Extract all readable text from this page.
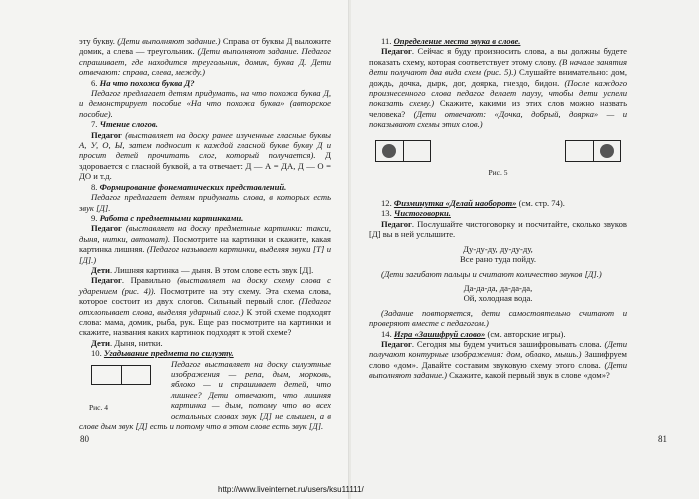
эту букву. (Дети выполняют задание.) Справа от буквы Д выложите домик, а слева — треугольник. (Дети выполняют задание. Педагог спрашивает, где находится треугольник, домик, буква Д. Дети отвечают: справа, слева, между.)

6. На что похожа буква Д?

Педагог предлагает детям придумать, на что похожа буква Д, и демонстрирует пособие «На что похожа буква» (авторское пособие).

7. Чтение слогов.

Педагог (выставляет на доску ранее изученные гласные буквы А, У, О, Ы, затем подносит к каждой гласной букве букву Д и просит детей прочитать слог, который получается). Д здоровается с гласной буквой, а та отвечает: Д — А = ДА, Д — О = ДО и т.д.

8. Формирование фонематических представлений.

Педагог предлагает детям придумать слова, в которых есть звук [Д].

9. Работа с предметными картинками.

Педагог (выставляет на доску предметные картинки: такси, дыня, нитки, автомат). Посмотрите на картинки и скажите, какая картинка лишняя. (Педагог называет картинки, выделяя звуки [Т] и [Д].)

Дети. Лишняя картинка — дыня. В этом слове есть звук [Д].

Педагог. Правильно (выставляет на доску схему слова с ударением (рис. 4)). Посмотрите на эту схему. Эта схема слова, которое состоит из двух слогов. Сильный первый слог. (Педагог отхлопывает слова, выделяя ударный слог.) К этой схеме подходят слова: мама, домик, рыба, рук. Еще раз посмотрите на картинки и скажите, названия каких картинок подходят к этой схеме?

Дети. Дыня, нитки.

10. Угадывание предмета по силуэту.

Рис. 4

Педагог выставляет на доску силуэтные изображения — репа, дым, морковь, яблоко — и спрашивает детей, что лишнее? Дети отвечают, что лишняя картинка — дым, потому что во всех остальных словах звук [Д] не слышен, а в слове дым звук [Д] есть и потому что в этом слове есть звук [Д].

80

11. Определение места звука в слове.

Педагог. Сейчас я буду произносить слова, а вы должны будете показать схему, которая соответствует этому слову. (В начале занятия дети получают два вида схем (рис. 5).) Слушайте внимательно: дом, дождь, дочка, дырк, дог, доярка, гнездо, бидон. (После каждого произнесенного слова педагог делает паузу, чтобы дети успели показать схему.) Скажите, какими из этих слов можно назвать человека? (Дети отвечают: «Дочка, добрый, доярка» — и показывают схемы этих слов.)

Рис. 5

12. Физминутка «Делай наоборот» (см. стр. 74).

13. Чистоговорки.

Педагог. Послушайте чистоговорку и посчитайте, сколько звуков [Д] вы в ней услышите.

Ду-ду-ду, ду-ду-ду,

Все рано туда пойду.

(Дети загибают пальцы и считают количество звуков [Д].)

Да-да-да, да-да-да,

Ой, холодная вода.

(Задание повторяется, дети самостоятельно считают и проверяют вместе с педагогом.)

14. Игра «Зашифруй слово» (см. авторские игры).

Педагог. Сегодня мы будем учиться зашифровывать слова. (Дети получают контурные изображения: дом, облако, мышь.) Зашифруем слово «дом». Давайте составим звуковую схему этого слова. (Дети выполняют задание.) Скажите, какой первый звук в слове «дом»?

81
http://www.liveinternet.ru/users/ksu11111/
